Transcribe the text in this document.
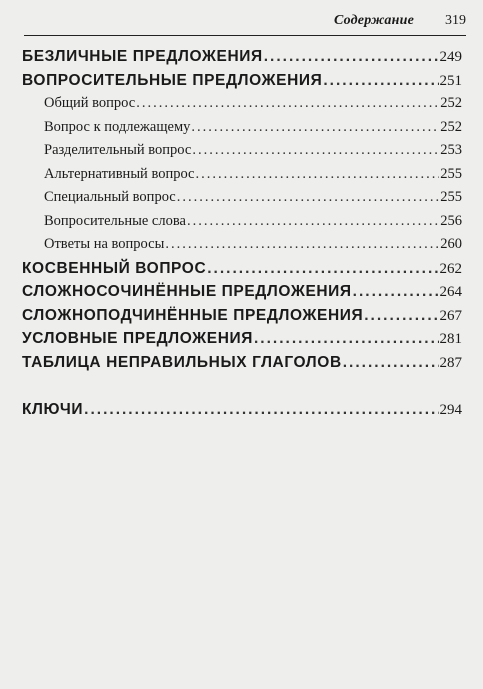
Содержание 319
БЕЗЛИЧНЫЕ ПРЕДЛОЖЕНИЯ .....	249
ВОПРОСИТЕЛЬНЫЕ ПРЕДЛОЖЕНИЯ .....	251
Общий вопрос .....	252
Вопрос к подлежащему .....	252
Разделительный вопрос .....	253
Альтернативный вопрос .....	255
Специальный вопрос .....	255
Вопросительные слова .....	256
Ответы на вопросы .....	260
КОСВЕННЫЙ ВОПРОС .....	262
СЛОЖНОСОЧИНЁННЫЕ ПРЕДЛОЖЕНИЯ .....	264
СЛОЖНОПОДЧИНЁННЫЕ ПРЕДЛОЖЕНИЯ .....	267
УСЛОВНЫЕ ПРЕДЛОЖЕНИЯ .....	281
ТАБЛИЦА НЕПРАВИЛЬНЫХ ГЛАГОЛОВ .....	287
КЛЮЧИ .....	294
